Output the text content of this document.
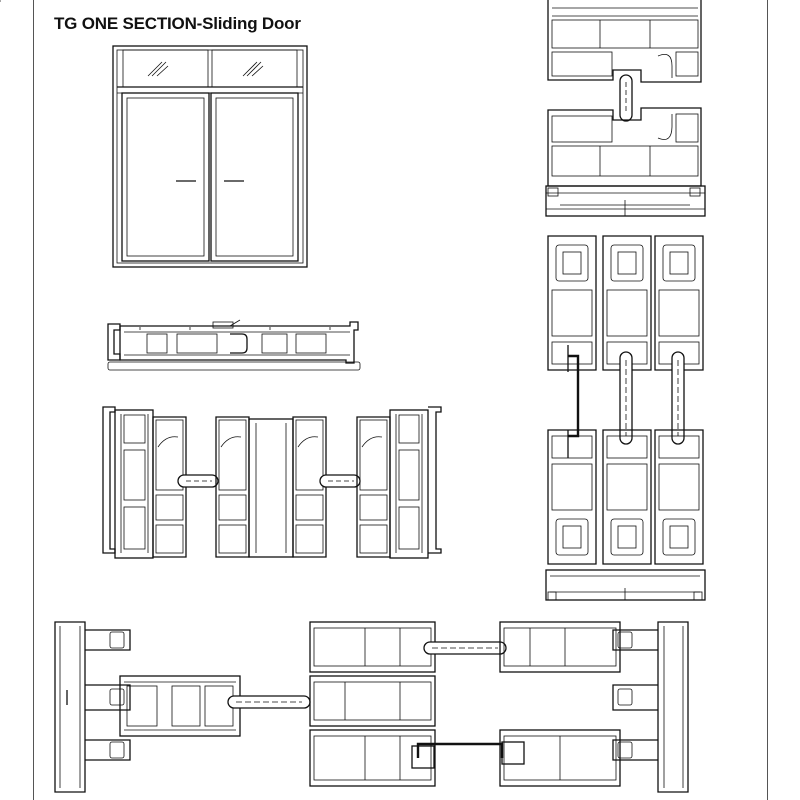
TG ONE SECTION-Sliding Door
